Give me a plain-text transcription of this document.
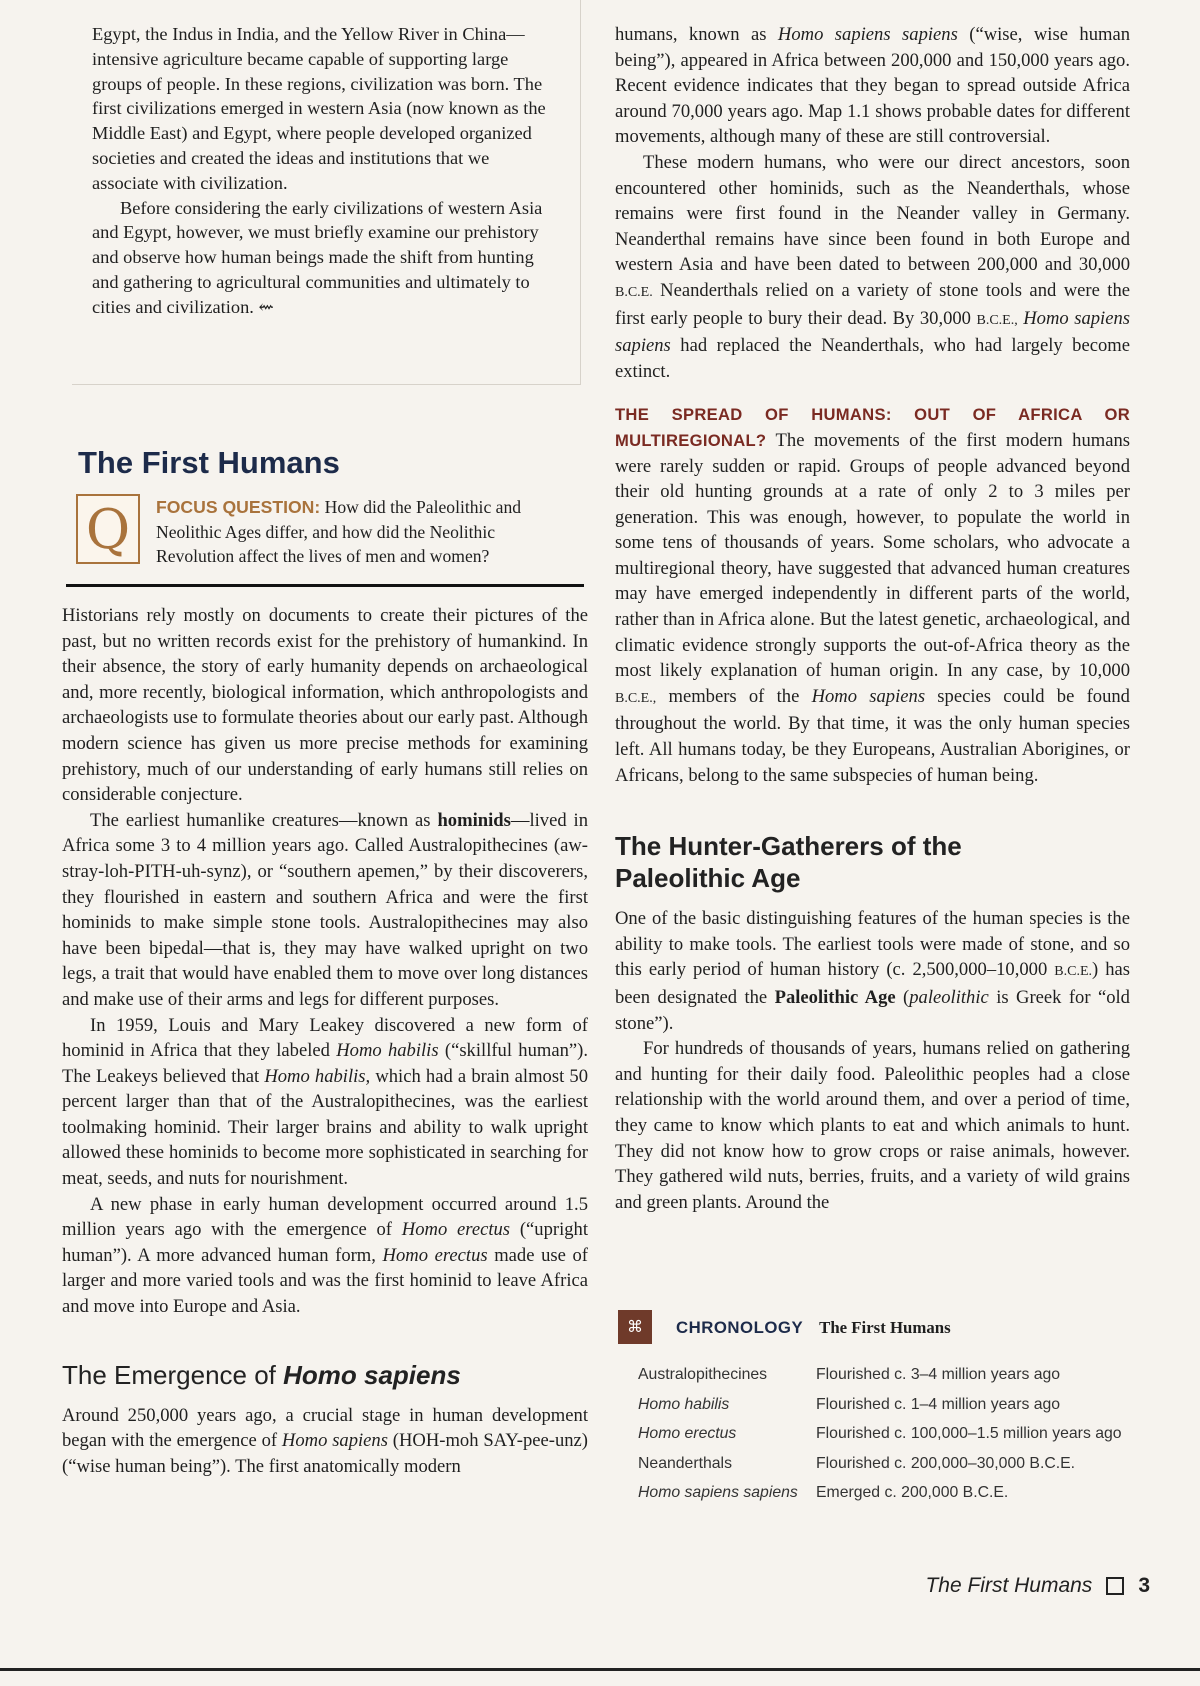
Egypt, the Indus in India, and the Yellow River in China—intensive agriculture became capable of supporting large groups of people. In these regions, civilization was born. The first civilizations emerged in western Asia (now known as the Middle East) and Egypt, where people developed organized societies and created the ideas and institutions that we associate with civilization.

Before considering the early civilizations of western Asia and Egypt, however, we must briefly examine our prehistory and observe how human beings made the shift from hunting and gathering to agricultural communities and ultimately to cities and civilization. ⇜

The First Humans
Q	FOCUS QUESTION: How did the Paleolithic and Neolithic Ages differ, and how did the Neolithic Revolution affect the lives of men and women?

Historians rely mostly on documents to create their pictures of the past, but no written records exist for the prehistory of humankind. In their absence, the story of early humanity depends on archaeological and, more recently, biological information, which anthropologists and archaeologists use to formulate theories about our early past. Although modern science has given us more precise methods for examining prehistory, much of our understanding of early humans still relies on considerable conjecture.

The earliest humanlike creatures—known as hominids—lived in Africa some 3 to 4 million years ago. Called Australopithecines (aw-stray-loh-PITH-uh-synz), or “southern apemen,” by their discoverers, they flourished in eastern and southern Africa and were the first hominids to make simple stone tools. Australopithecines may also have been bipedal—that is, they may have walked upright on two legs, a trait that would have enabled them to move over long distances and make use of their arms and legs for different purposes.

In 1959, Louis and Mary Leakey discovered a new form of hominid in Africa that they labeled Homo habilis (“skillful human”). The Leakeys believed that Homo habilis, which had a brain almost 50 percent larger than that of the Australopithecines, was the earliest toolmaking hominid. Their larger brains and ability to walk upright allowed these hominids to become more sophisticated in searching for meat, seeds, and nuts for nourishment.

A new phase in early human development occurred around 1.5 million years ago with the emergence of Homo erectus (“upright human”). A more advanced human form, Homo erectus made use of larger and more varied tools and was the first hominid to leave Africa and move into Europe and Asia.

The Emergence of Homo sapiens

Around 250,000 years ago, a crucial stage in human development began with the emergence of Homo sapiens (HOH-moh SAY-pee-unz) (“wise human being”). The first anatomically modern

humans, known as Homo sapiens sapiens (“wise, wise human being”), appeared in Africa between 200,000 and 150,000 years ago. Recent evidence indicates that they began to spread outside Africa around 70,000 years ago. Map 1.1 shows probable dates for different movements, although many of these are still controversial.

These modern humans, who were our direct ancestors, soon encountered other hominids, such as the Neanderthals, whose remains were first found in the Neander valley in Germany. Neanderthal remains have since been found in both Europe and western Asia and have been dated to between 200,000 and 30,000 B.C.E. Neanderthals relied on a variety of stone tools and were the first early people to bury their dead. By 30,000 B.C.E., Homo sapiens sapiens had replaced the Neanderthals, who had largely become extinct.

THE SPREAD OF HUMANS: OUT OF AFRICA OR MULTIREGIONAL? The movements of the first modern humans were rarely sudden or rapid. Groups of people advanced beyond their old hunting grounds at a rate of only 2 to 3 miles per generation. This was enough, however, to populate the world in some tens of thousands of years. Some scholars, who advocate a multiregional theory, have suggested that advanced human creatures may have emerged independently in different parts of the world, rather than in Africa alone. But the latest genetic, archaeological, and climatic evidence strongly supports the out-of-Africa theory as the most likely explanation of human origin. In any case, by 10,000 B.C.E., members of the Homo sapiens species could be found throughout the world. By that time, it was the only human species left. All humans today, be they Europeans, Australian Aborigines, or Africans, belong to the same subspecies of human being.

The Hunter-Gatherers of the Paleolithic Age

One of the basic distinguishing features of the human species is the ability to make tools. The earliest tools were made of stone, and so this early period of human history (c. 2,500,000–10,000 B.C.E.) has been designated the Paleolithic Age (paleolithic is Greek for “old stone”).

For hundreds of thousands of years, humans relied on gathering and hunting for their daily food. Paleolithic peoples had a close relationship with the world around them, and over a period of time, they came to know which plants to eat and which animals to hunt. They did not know how to grow crops or raise animals, however. They gathered wild nuts, berries, fruits, and a variety of wild grains and green plants. Around the

⌘	CHRONOLOGY The First Humans
Australopithecines	Flourished c. 3–4 million years ago
Homo habilis	Flourished c. 1–4 million years ago
Homo erectus	Flourished c. 100,000–1.5 million years ago
Neanderthals	Flourished c. 200,000–30,000 B.C.E.
Homo sapiens sapiens Emerged c. 200,000 B.C.E.
The First Humans 3
